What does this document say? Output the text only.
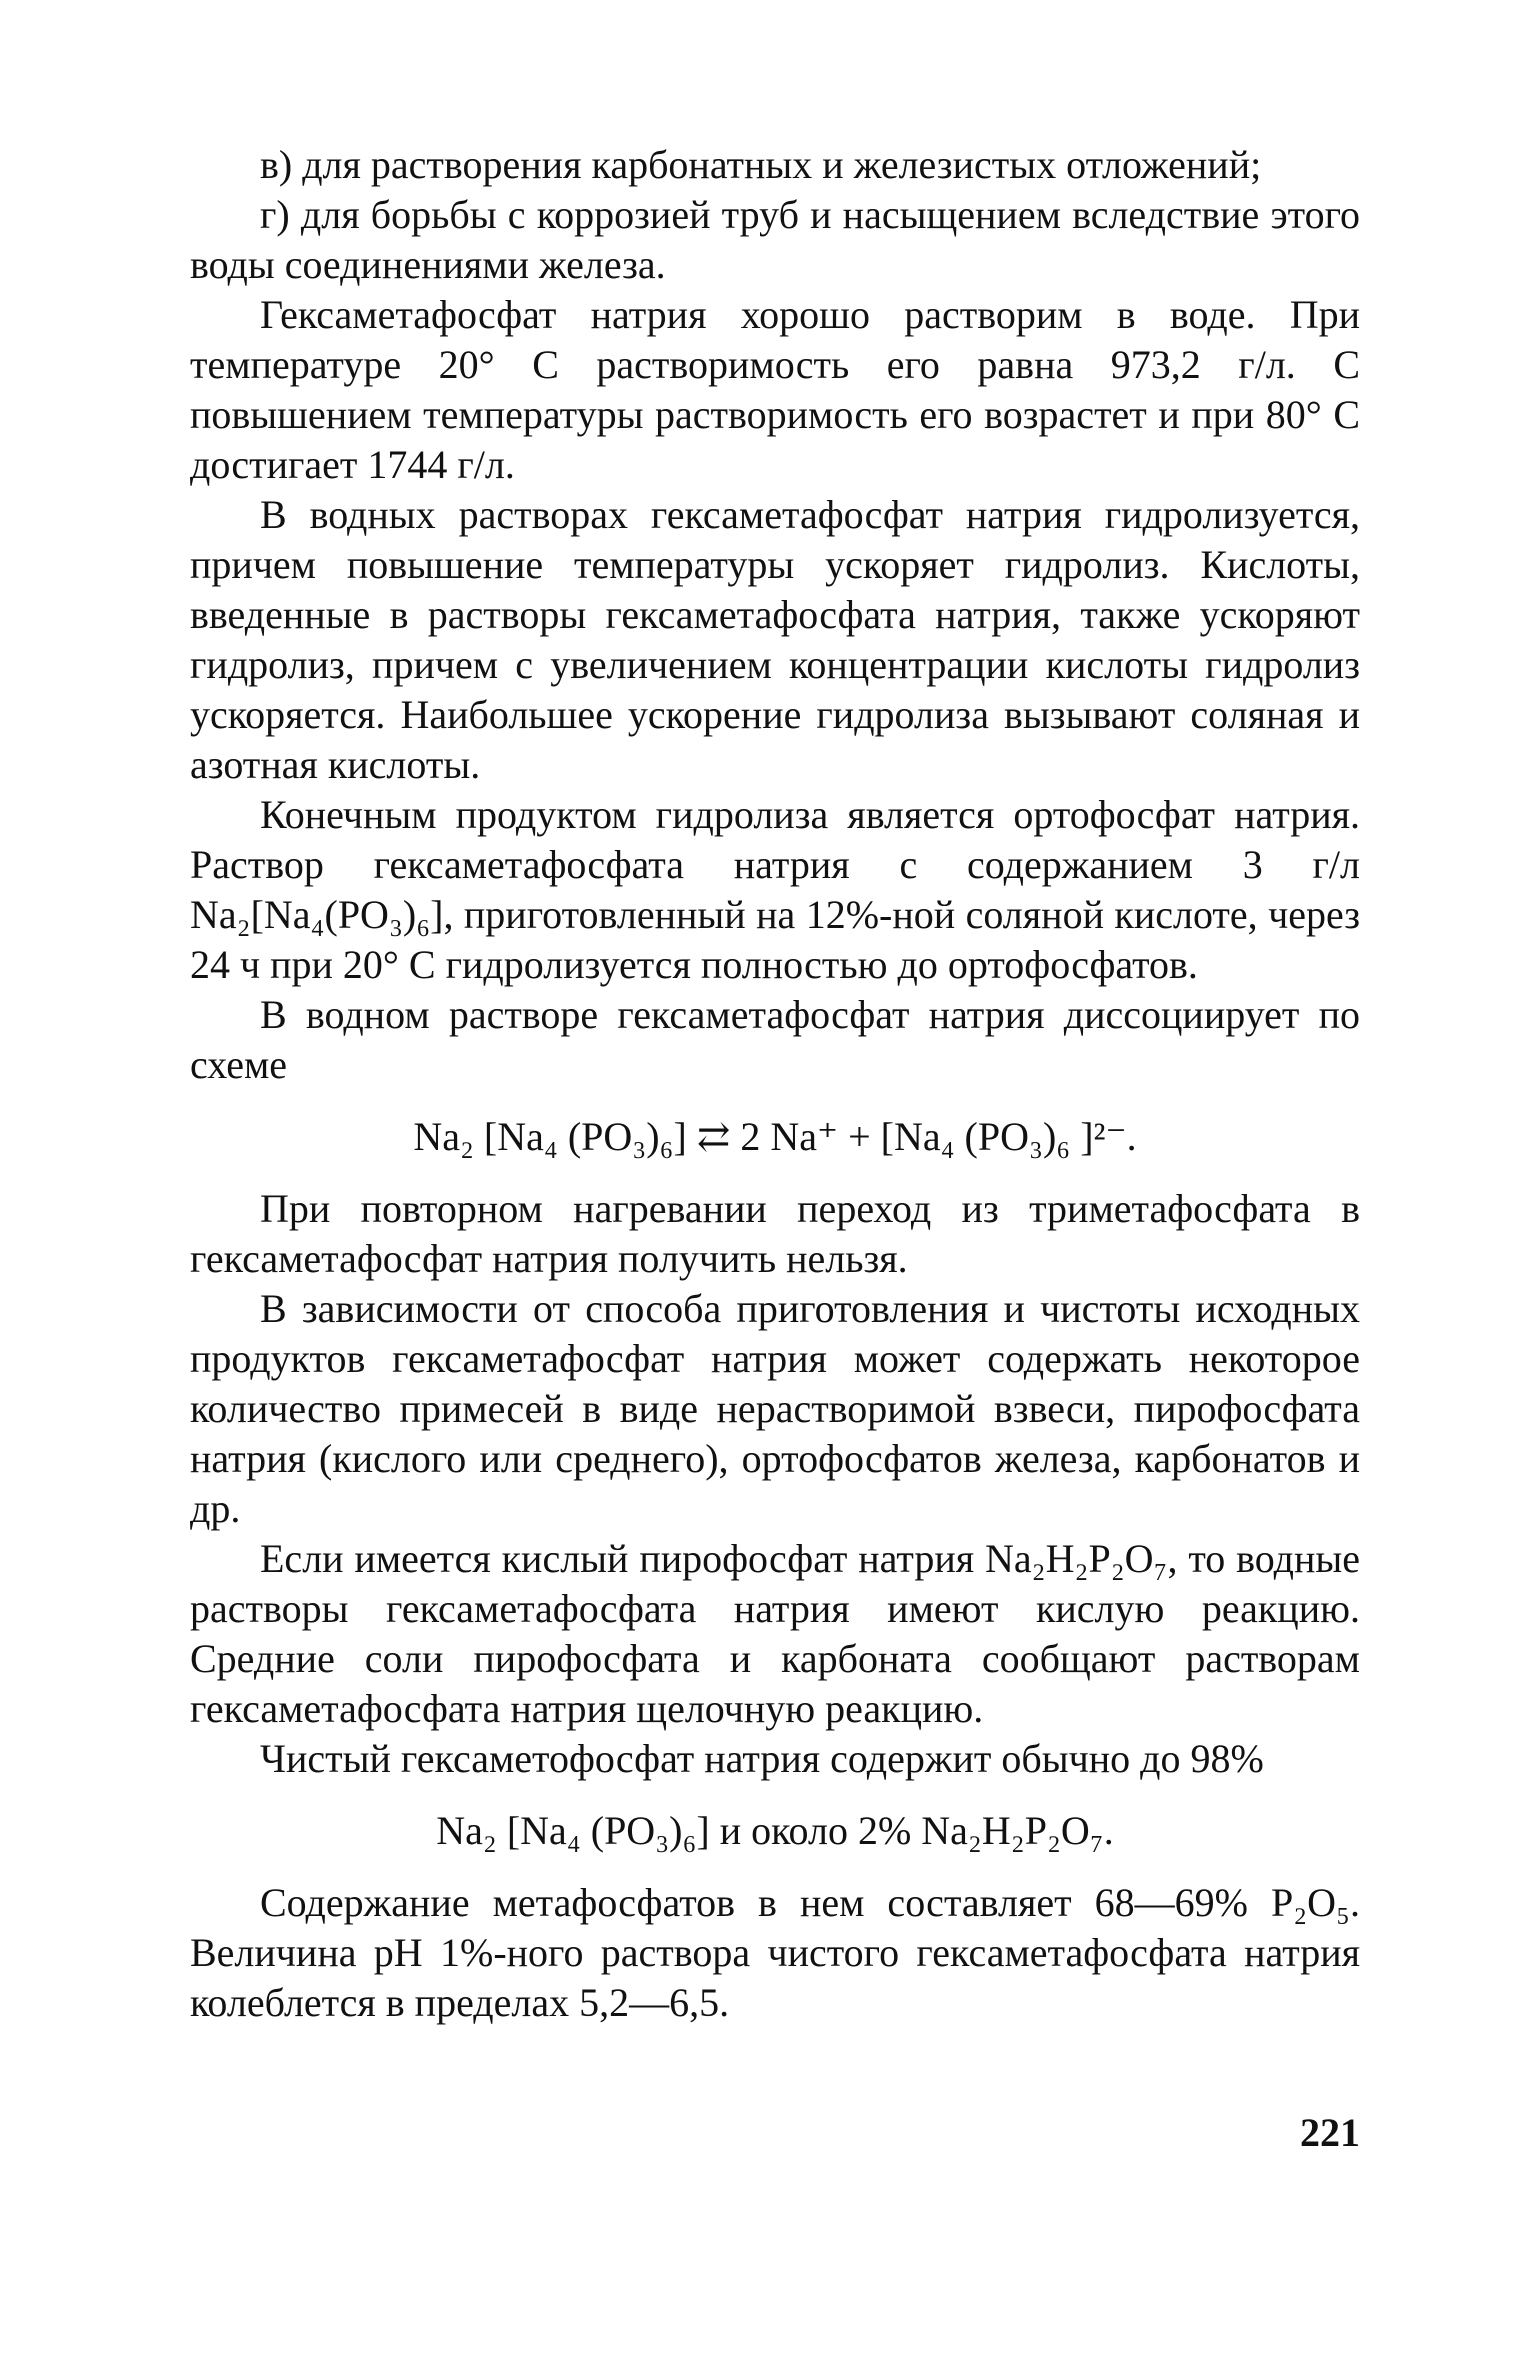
в) для растворения карбонатных и железистых отложений;

г) для борьбы с коррозией труб и насыщением вследствие этого воды соединениями железа.

Гексаметафосфат натрия хорошо растворим в воде. При температуре 20° С растворимость его равна 973,2 г/л. С повышением температуры растворимость его возрастет и при 80° С достигает 1744 г/л.

В водных растворах гексаметафосфат натрия гидролизуется, причем повышение температуры ускоряет гидролиз. Кислоты, введенные в растворы гексаметафосфата натрия, также ускоряют гидролиз, причем с увеличением концентрации кислоты гидролиз ускоряется. Наибольшее ускорение гидролиза вызывают соляная и азотная кислоты.

Конечным продуктом гидролиза является ортофосфат натрия. Раствор гексаметафосфата натрия с содержанием 3 г/л Na₂[Na₄(PO₃)₆], приготовленный на 12%-ной соляной кислоте, через 24 ч при 20° С гидролизуется полностью до ортофосфатов.

В водном растворе гексаметафосфат натрия диссоциирует по схеме

Na₂ [Na₄ (PO₃)₆] ⇄ 2 Na⁺ + [Na₄ (PO₃)₆ ]²⁻.

При повторном нагревании переход из триметафосфата в гексаметафосфат натрия получить нельзя.

В зависимости от способа приготовления и чистоты исходных продуктов гексаметафосфат натрия может содержать некоторое количество примесей в виде нерастворимой взвеси, пирофосфата натрия (кислого или среднего), ортофосфатов железа, карбонатов и др.

Если имеется кислый пирофосфат натрия Na₂H₂P₂O₇, то водные растворы гексаметафосфата натрия имеют кислую реакцию. Средние соли пирофосфата и карбоната сообщают растворам гексаметафосфата натрия щелочную реакцию.

Чистый гексаметофосфат натрия содержит обычно до 98%

Na₂ [Na₄ (PO₃)₆] и около 2% Na₂H₂P₂O₇.

Содержание метафосфатов в нем составляет 68—69% P₂O₅. Величина pH 1%-ного раствора чистого гексаметафосфата натрия колеблется в пределах 5,2—6,5.

221
